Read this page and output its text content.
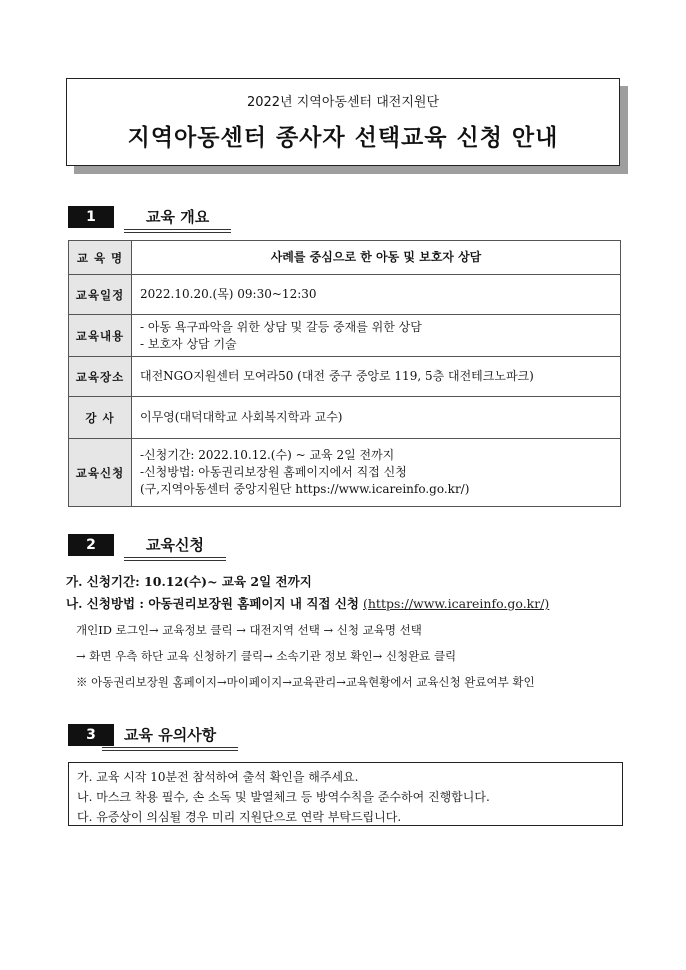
2022년 지역아동센터 대전지원단
지역아동센터 종사자 선택교육 신청 안내
1	교육 개요
교 육 명	사례를 중심으로 한 아동 및 보호자 상담
교육일정	2022.10.20.(목) 09:30~12:30
교육내용	- 아동 욕구파악을 위한 상담 및 갈등 중재를 위한 상담
- 보호자 상담 기술

교육장소	대전NGO지원센터 모여라50 (대전 중구 중앙로 119, 5층 대전테크노파크)
강 사	이무영(대덕대학교 사회복지학과 교수)
교육신청	-신청기간: 2022.10.12.(수) ~ 교육 2일 전까지
-신청방법: 아동권리보장원 홈페이지에서 직접 신청
(구,지역아동센터 중앙지원단 https://www.icareinfo.go.kr/)
2	교육신청
가. 신청기간: 10.12(수)~ 교육 2일 전까지
나. 신청방법 : 아동권리보장원 홈페이지 내 직접 신청 (https://www.icareinfo.go.kr/)
개인ID 로그인→ 교육정보 클릭 → 대전지역 선택 → 신청 교육명 선택
→ 화면 우측 하단 교육 신청하기 클릭→ 소속기관 정보 확인→ 신청완료 클릭
※ 아동권리보장원 홈페이지→마이페이지→교육관리→교육현황에서 교육신청 완료여부 확인
3	교육 유의사항
가. 교육 시작 10분전 참석하여 출석 확인을 해주세요.
나. 마스크 착용 필수, 손 소독 및 발열체크 등 방역수칙을 준수하여 진행합니다.
다. 유증상이 의심될 경우 미리 지원단으로 연락 부탁드립니다.
